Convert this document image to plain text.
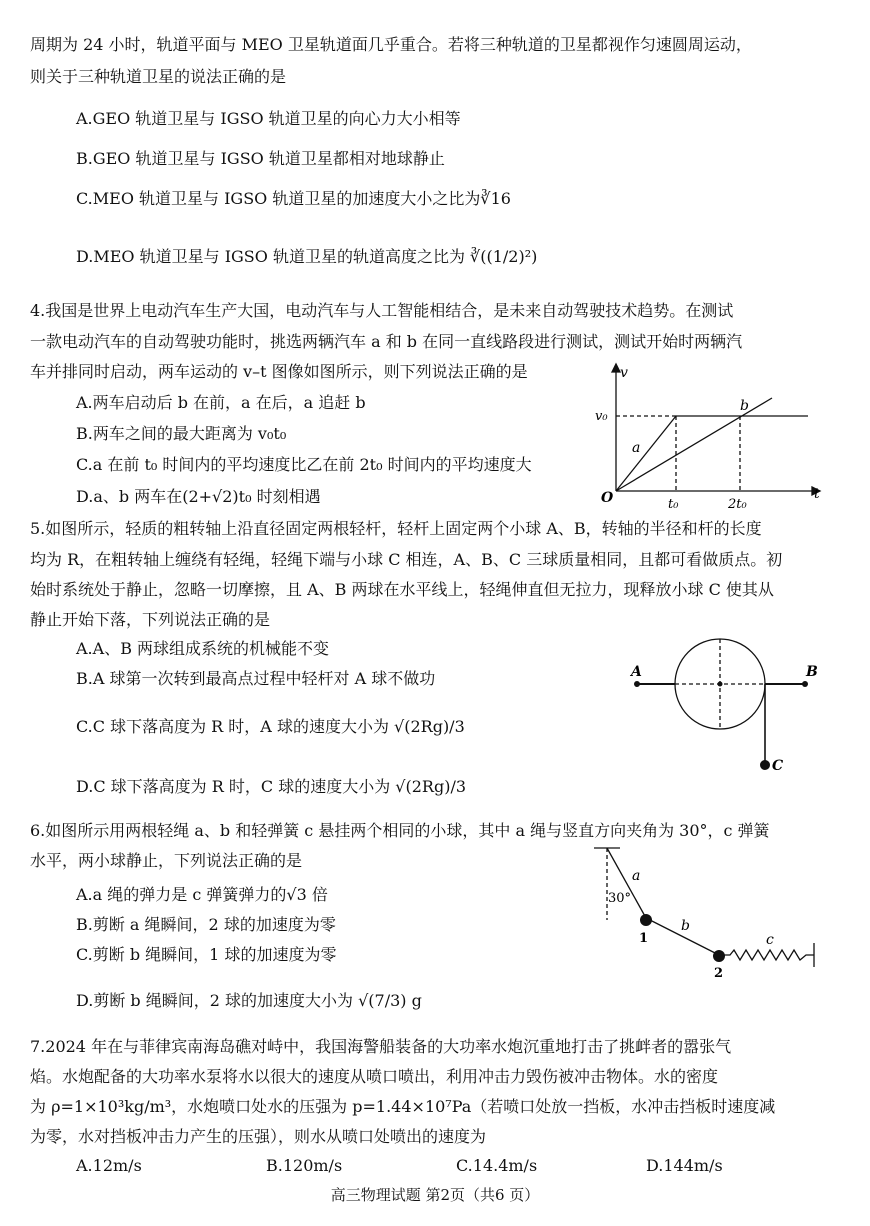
周期为 24 小时，轨道平面与 MEO 卫星轨道面几乎重合。若将三种轨道的卫星都视作匀速圆周运动，
则关于三种轨道卫星的说法正确的是
A.GEO 轨道卫星与 IGSO 轨道卫星的向心力大小相等
B.GEO 轨道卫星与 IGSO 轨道卫星都相对地球静止
C.MEO 轨道卫星与 IGSO 轨道卫星的加速度大小之比为∛16
D.MEO 轨道卫星与 IGSO 轨道卫星的轨道高度之比为 ∛((1/2)²)
4.我国是世界上电动汽车生产大国，电动汽车与人工智能相结合，是未来自动驾驶技术趋势。在测试
一款电动汽车的自动驾驶功能时，挑选两辆汽车 a 和 b 在同一直线路段进行测试，测试开始时两辆汽
车并排同时启动，两车运动的 v–t 图像如图所示，则下列说法正确的是
A.两车启动后 b 在前，a 在后，a 追赶 b
B.两车之间的最大距离为 v₀t₀
C.a 在前 t₀ 时间内的平均速度比乙在前 2t₀ 时间内的平均速度大
D.a、b 两车在(2+√2)t₀ 时刻相遇
v
t
O
v₀
t₀	2t₀
a
b
5.如图所示，轻质的粗转轴上沿直径固定两根轻杆，轻杆上固定两个小球 A、B，转轴的半径和杆的长度
均为 R，在粗转轴上缠绕有轻绳，轻绳下端与小球 C 相连，A、B、C 三球质量相同，且都可看做质点。初
始时系统处于静止，忽略一切摩擦，且 A、B 两球在水平线上，轻绳伸直但无拉力，现释放小球 C 使其从
静止开始下落，下列说法正确的是
A.A、B 两球组成系统的机械能不变
B.A 球第一次转到最高点过程中轻杆对 A 球不做功
C.C 球下落高度为 R 时，A 球的速度大小为 √(2Rg)/3
D.C 球下落高度为 R 时，C 球的速度大小为 √(2Rg)/3
A	B
C
6.如图所示用两根轻绳 a、b 和轻弹簧 c 悬挂两个相同的小球，其中 a 绳与竖直方向夹角为 30°，c 弹簧
水平，两小球静止，下列说法正确的是
A.a 绳的弹力是 c 弹簧弹力的√3 倍
B.剪断 a 绳瞬间，2 球的加速度为零
C.剪断 b 绳瞬间，1 球的加速度为零
D.剪断 b 绳瞬间，2 球的加速度大小为 √(7/3) g
30°
a
b
c
1
2
7.2024 年在与菲律宾南海岛礁对峙中，我国海警船装备的大功率水炮沉重地打击了挑衅者的嚣张气
焰。水炮配备的大功率水泵将水以很大的速度从喷口喷出，利用冲击力毁伤被冲击物体。水的密度
为 ρ=1×10³kg/m³，水炮喷口处水的压强为 p=1.44×10⁷Pa（若喷口处放一挡板，水冲击挡板时速度减
为零，水对挡板冲击力产生的压强），则水从喷口处喷出的速度为
A.12m/s	B.120m/s	C.14.4m/s	D.144m/s
高三物理试题 第2页（共6 页）
